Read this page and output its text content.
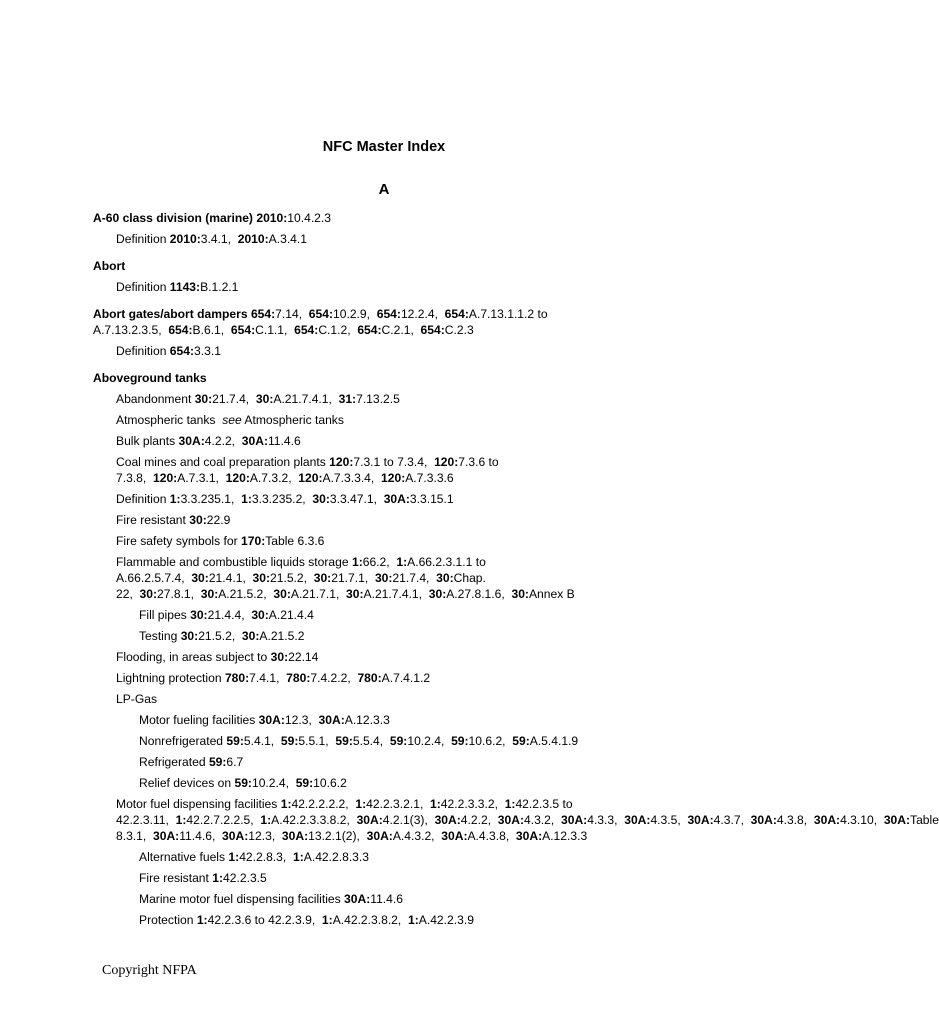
NFC Master Index
A

A-60 class division (marine) 2010:10.4.2.3

Definition 2010:3.4.1,  2010:A.3.4.1

Abort

Definition 1143:B.1.2.1

Abort gates/abort dampers 654:7.14,  654:10.2.9,  654:12.2.4,  654:A.7.13.1.1.2 to A.7.13.2.3.5,  654:B.6.1,  654:C.1.1,  654:C.1.2,  654:C.2.1,  654:C.2.3

Definition 654:3.3.1

Aboveground tanks

Abandonment 30:21.7.4,  30:A.21.7.4.1,  31:7.13.2.5

Atmospheric tanks see Atmospheric tanks

Bulk plants 30A:4.2.2,  30A:11.4.6

Coal mines and coal preparation plants 120:7.3.1 to 7.3.4,  120:7.3.6 to 7.3.8,  120:A.7.3.1,  120:A.7.3.2,  120:A.7.3.3.4,  120:A.7.3.3.6

Definition 1:3.3.235.1,  1:3.3.235.2,  30:3.3.47.1,  30A:3.3.15.1

Fire resistant 30:22.9

Fire safety symbols for 170:Table 6.3.6

Flammable and combustible liquids storage 1:66.2,  1:A.66.2.3.1.1 to A.66.2.5.7.4,  30:21.4.1,  30:21.5.2,  30:21.7.1,  30:21.7.4,  30:Chap. 22,  30:27.8.1,  30:A.21.5.2,  30:A.21.7.1,  30:A.21.7.4.1,  30:A.27.8.1.6,  30:Annex B

Fill pipes 30:21.4.4,  30:A.21.4.4

Testing 30:21.5.2,  30:A.21.5.2

Flooding, in areas subject to 30:22.14

Lightning protection 780:7.4.1,  780:7.4.2.2,  780:A.7.4.1.2

LP-Gas

Motor fueling facilities 30A:12.3,  30A:A.12.3.3

Nonrefrigerated 59:5.4.1,  59:5.5.1,  59:5.5.4,  59:10.2.4,  59:10.6.2,  59:A.5.4.1.9

Refrigerated 59:6.7

Relief devices on 59:10.2.4,  59:10.6.2

Motor fuel dispensing facilities 1:42.2.2.2.2,  1:42.2.3.2.1,  1:42.2.3.3.2,  1:42.2.3.5 to 42.2.3.11,  1:42.2.7.2.2.5,  1:A.42.2.3.3.8.2,  30A:4.2.1(3),  30A:4.2.2,  30A:4.3.2,  30A:4.3.3,  30A:4.3.5,  30A:4.3.7,  30A:4.3.8,  30A:4.3.10,  30A:Table 8.3.1,  30A:11.4.6,  30A:12.3,  30A:13.2.1(2),  30A:A.4.3.2,  30A:A.4.3.8,  30A:A.12.3.3

Alternative fuels 1:42.2.8.3,  1:A.42.2.8.3.3

Fire resistant 1:42.2.3.5

Marine motor fuel dispensing facilities 30A:11.4.6

Protection 1:42.2.3.6 to 42.2.3.9,  1:A.42.2.3.8.2,  1:A.42.2.3.9

Copyright NFPA
